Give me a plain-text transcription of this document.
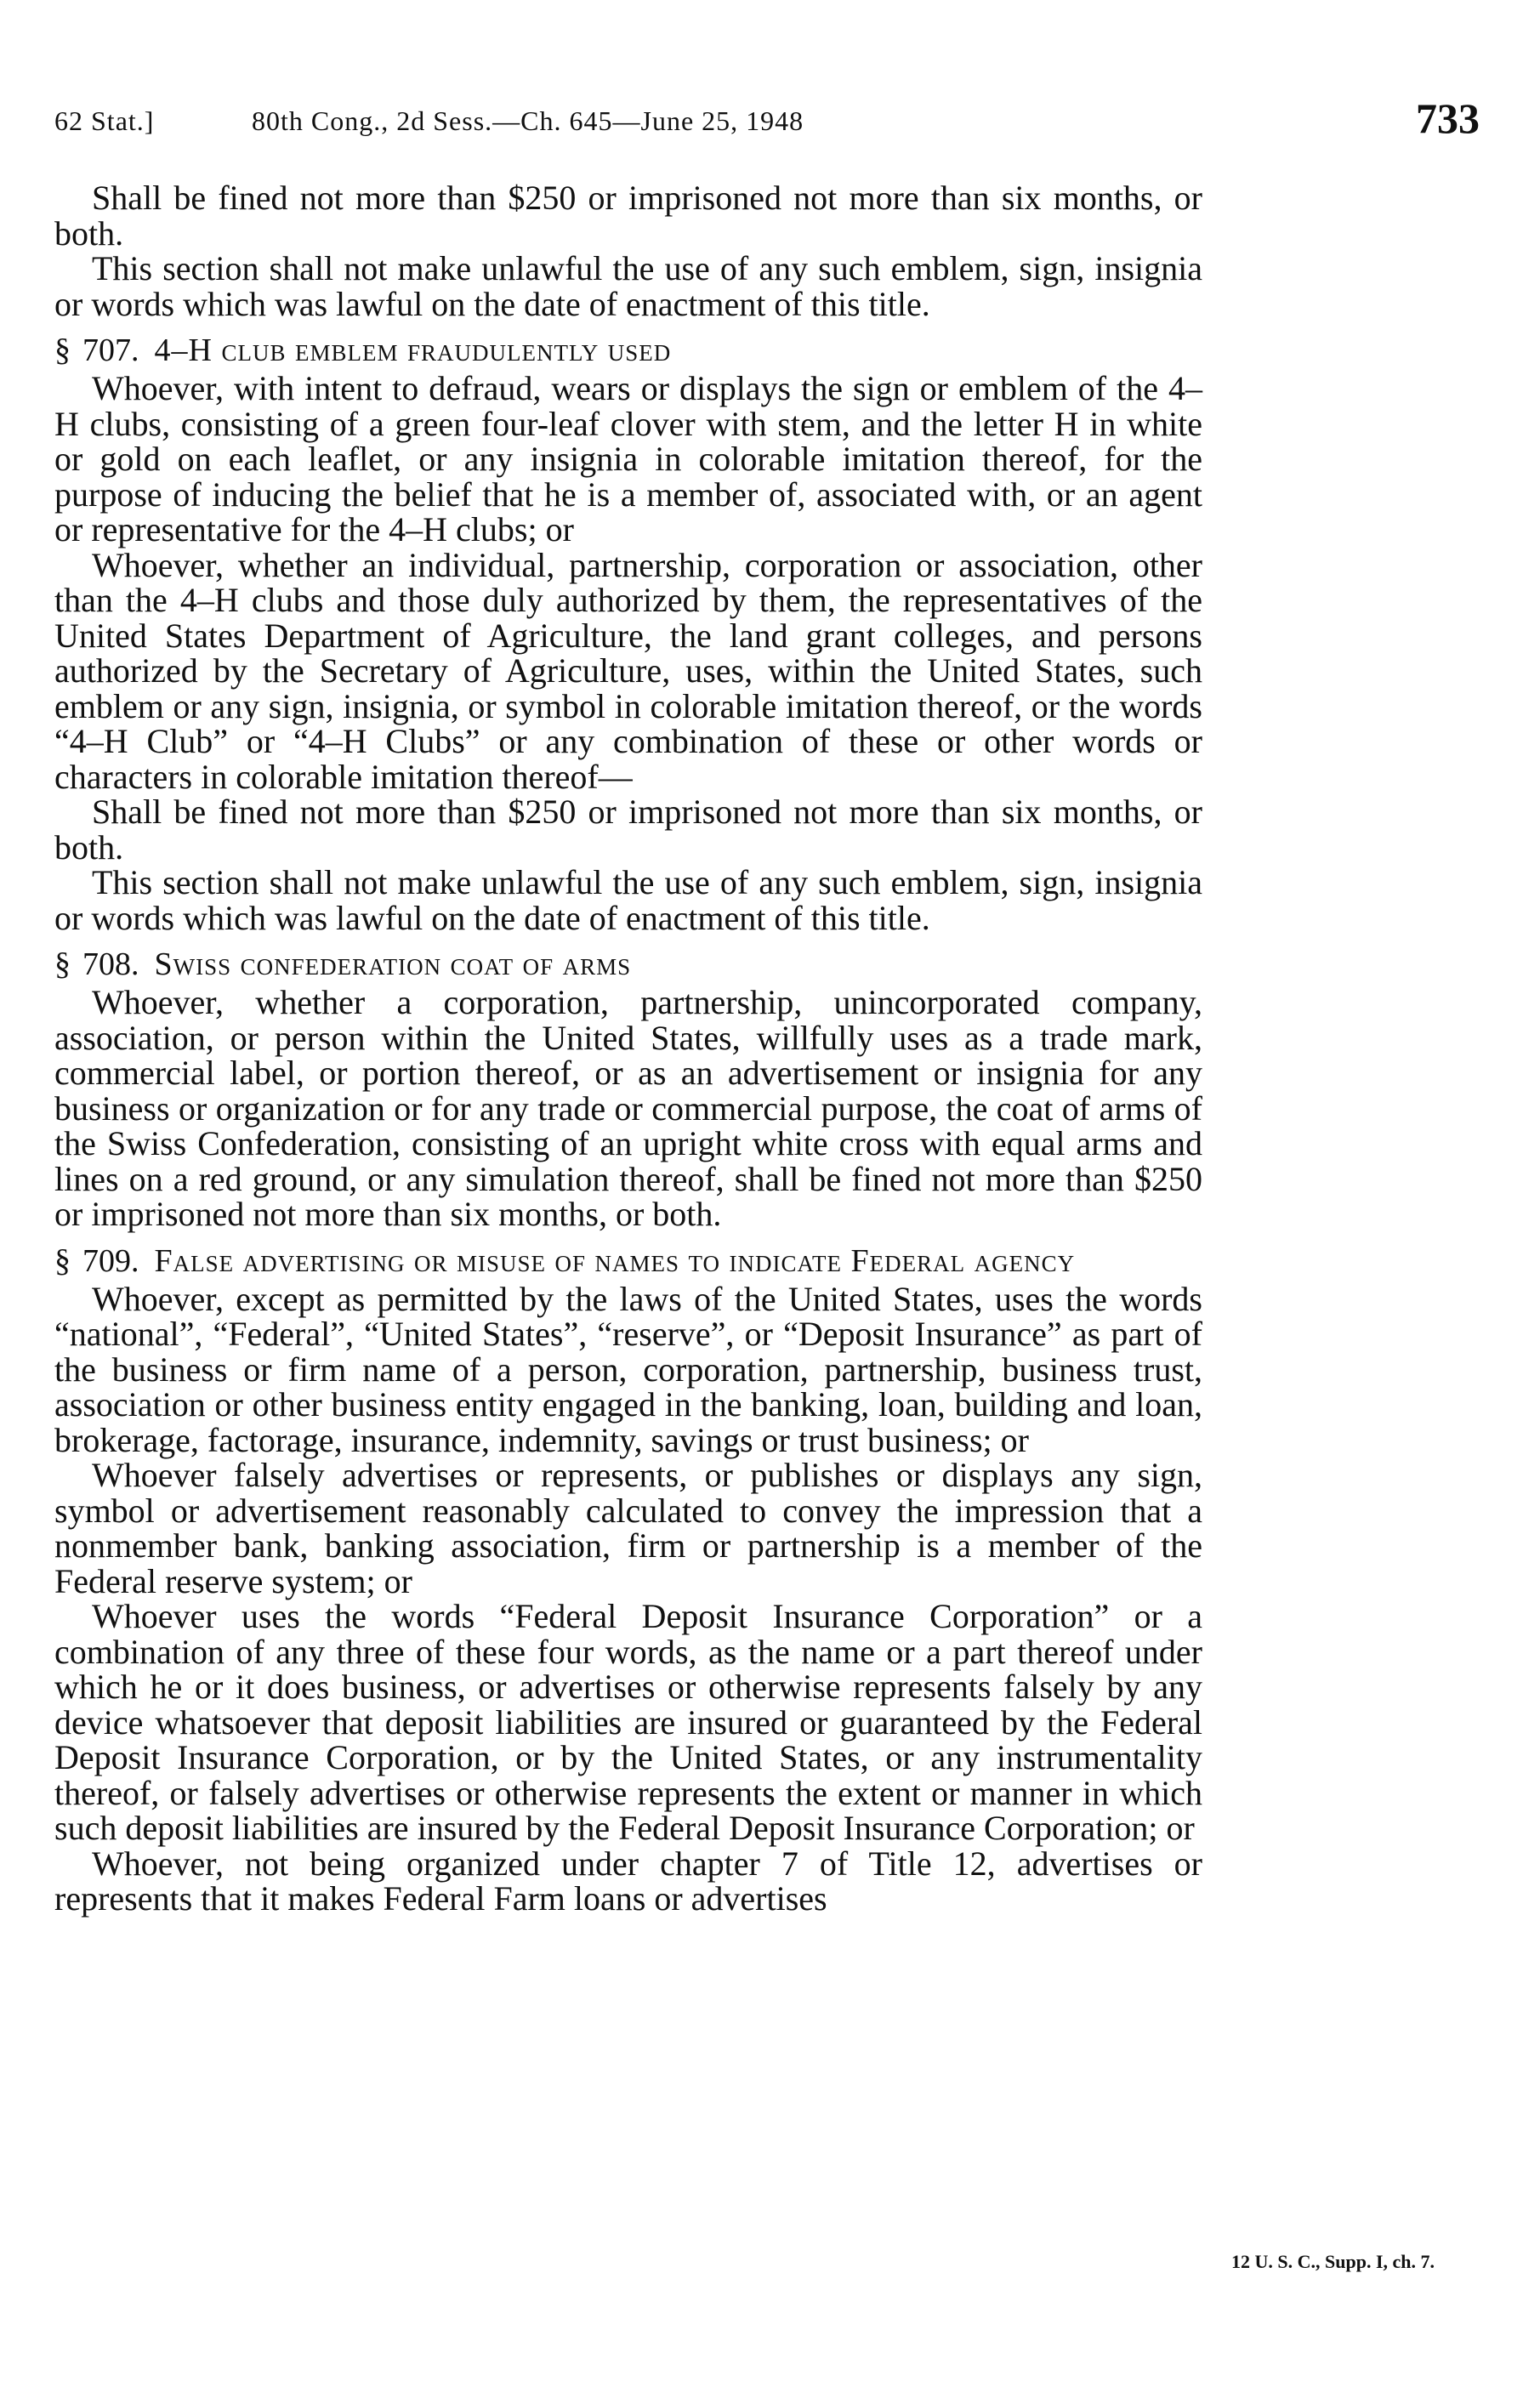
62 Stat.]	80th Cong., 2d Sess.—Ch. 645—June 25, 1948	733

Shall be fined not more than $250 or imprisoned not more than six months, or both.

This section shall not make unlawful the use of any such emblem, sign, insignia or words which was lawful on the date of enactment of this title.

§ 707. 4–H club emblem fraudulently used

Whoever, with intent to defraud, wears or displays the sign or emblem of the 4–H clubs, consisting of a green four-leaf clover with stem, and the letter H in white or gold on each leaflet, or any insignia in colorable imitation thereof, for the purpose of inducing the belief that he is a member of, associated with, or an agent or representative for the 4–H clubs; or

Whoever, whether an individual, partnership, corporation or association, other than the 4–H clubs and those duly authorized by them, the representatives of the United States Department of Agriculture, the land grant colleges, and persons authorized by the Secretary of Agriculture, uses, within the United States, such emblem or any sign, insignia, or symbol in colorable imitation thereof, or the words “4–H Club” or “4–H Clubs” or any combination of these or other words or characters in colorable imitation thereof—

Shall be fined not more than $250 or imprisoned not more than six months, or both.

This section shall not make unlawful the use of any such emblem, sign, insignia or words which was lawful on the date of enactment of this title.

§ 708. Swiss confederation coat of arms

Whoever, whether a corporation, partnership, unincorporated company, association, or person within the United States, willfully uses as a trade mark, commercial label, or portion thereof, or as an advertisement or insignia for any business or organization or for any trade or commercial purpose, the coat of arms of the Swiss Confederation, consisting of an upright white cross with equal arms and lines on a red ground, or any simulation thereof, shall be fined not more than $250 or imprisoned not more than six months, or both.

§ 709. False advertising or misuse of names to indicate Federal agency

Whoever, except as permitted by the laws of the United States, uses the words “national”, “Federal”, “United States”, “reserve”, or “Deposit Insurance” as part of the business or firm name of a person, corporation, partnership, business trust, association or other business entity engaged in the banking, loan, building and loan, brokerage, factorage, insurance, indemnity, savings or trust business; or

Whoever falsely advertises or represents, or publishes or displays any sign, symbol or advertisement reasonably calculated to convey the impression that a nonmember bank, banking association, firm or partnership is a member of the Federal reserve system; or

Whoever uses the words “Federal Deposit Insurance Corporation” or a combination of any three of these four words, as the name or a part thereof under which he or it does business, or advertises or otherwise represents falsely by any device whatsoever that deposit liabilities are insured or guaranteed by the Federal Deposit Insurance Corporation, or by the United States, or any instrumentality thereof, or falsely advertises or otherwise represents the extent or manner in which such deposit liabilities are insured by the Federal Deposit Insurance Corporation; or

Whoever, not being organized under chapter 7 of Title 12, advertises or represents that it makes Federal Farm loans or advertises

12 U. S. C., Supp. I, ch. 7.
